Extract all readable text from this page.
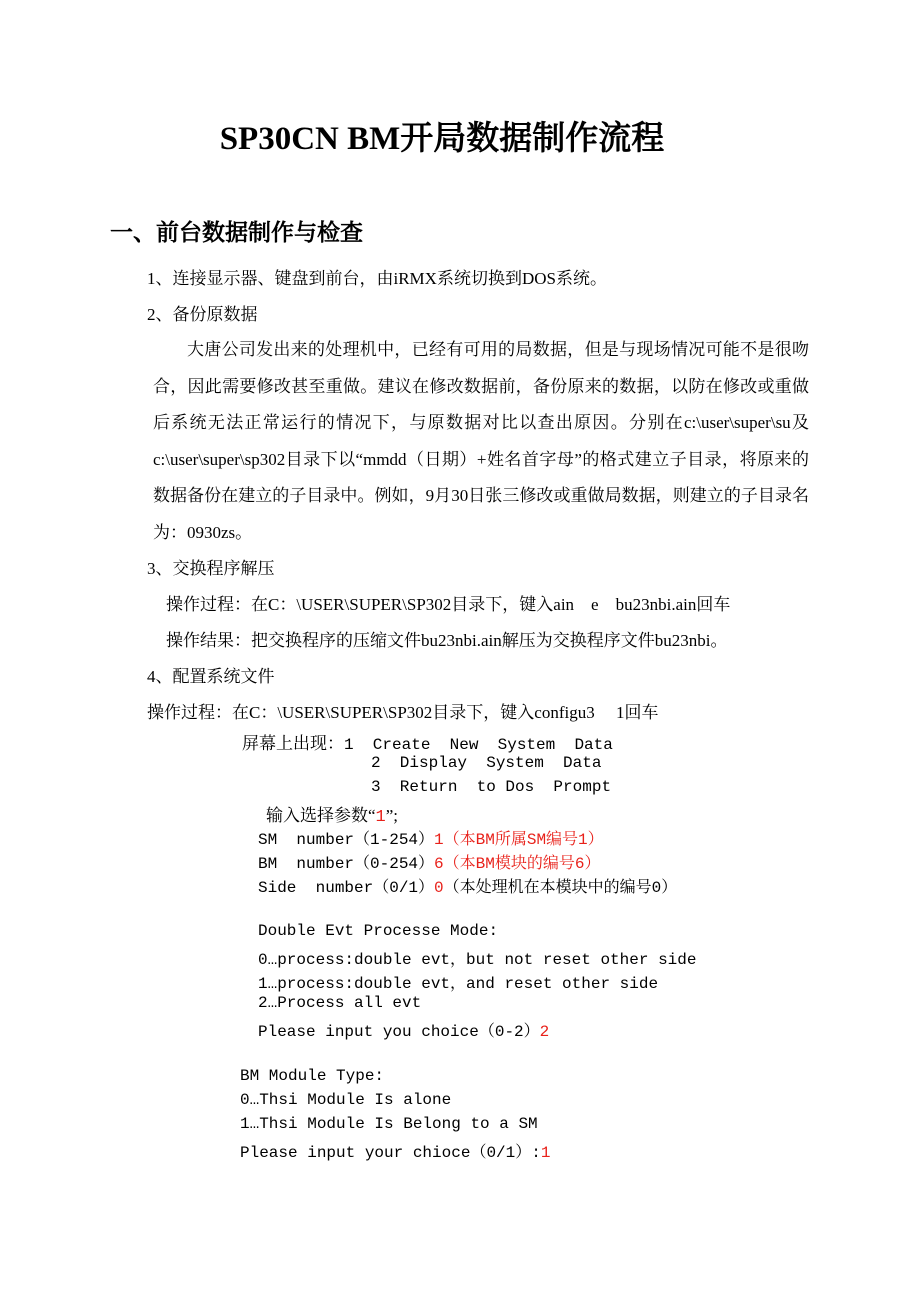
SP30CN BM开局数据制作流程
一、前台数据制作与检查
1、连接显示器、键盘到前台，由iRMX系统切换到DOS系统。
2、备份原数据
大唐公司发出来的处理机中，已经有可用的局数据，但是与现场情况可能不是很吻合，因此需要修改甚至重做。建议在修改数据前，备份原来的数据，以防在修改或重做后系统无法正常运行的情况下，与原数据对比以查出原因。分别在c:\user\super\su及c:\user\super\sp302目录下以“mmdd（日期）+姓名首字母”的格式建立子目录，将原来的数据备份在建立的子目录中。例如，9月30日张三修改或重做局数据，则建立的子目录名为：0930zs。
3、交换程序解压
操作过程：在C：\USER\SUPER\SP302目录下，键入ain    e    bu23nbi.ain回车
操作结果：把交换程序的压缩文件bu23nbi.ain解压为交换程序文件bu23nbi。
4、配置系统文件
操作过程：在C：\USER\SUPER\SP302目录下，键入configu3     1回车
屏幕上出现：1  Create  New  System  Data
2  Display  System  Data
3  Return  to Dos  Prompt
输入选择参数“1”;
SM  number（1-254）1（本BM所属SM编号1）
BM  number（0-254）6（本BM模块的编号6）
Side  number（0/1）0（本处理机在本模块中的编号0）
Double Evt Processe Mode:
0…process:double evt，but not reset other side
1…process:double evt，and reset other side
2…Process all evt
Please input you choice（0-2）2
BM Module Type:
0…Thsi Module Is alone
1…Thsi Module Is Belong to a SM
Please input your chioce（0/1）:1
